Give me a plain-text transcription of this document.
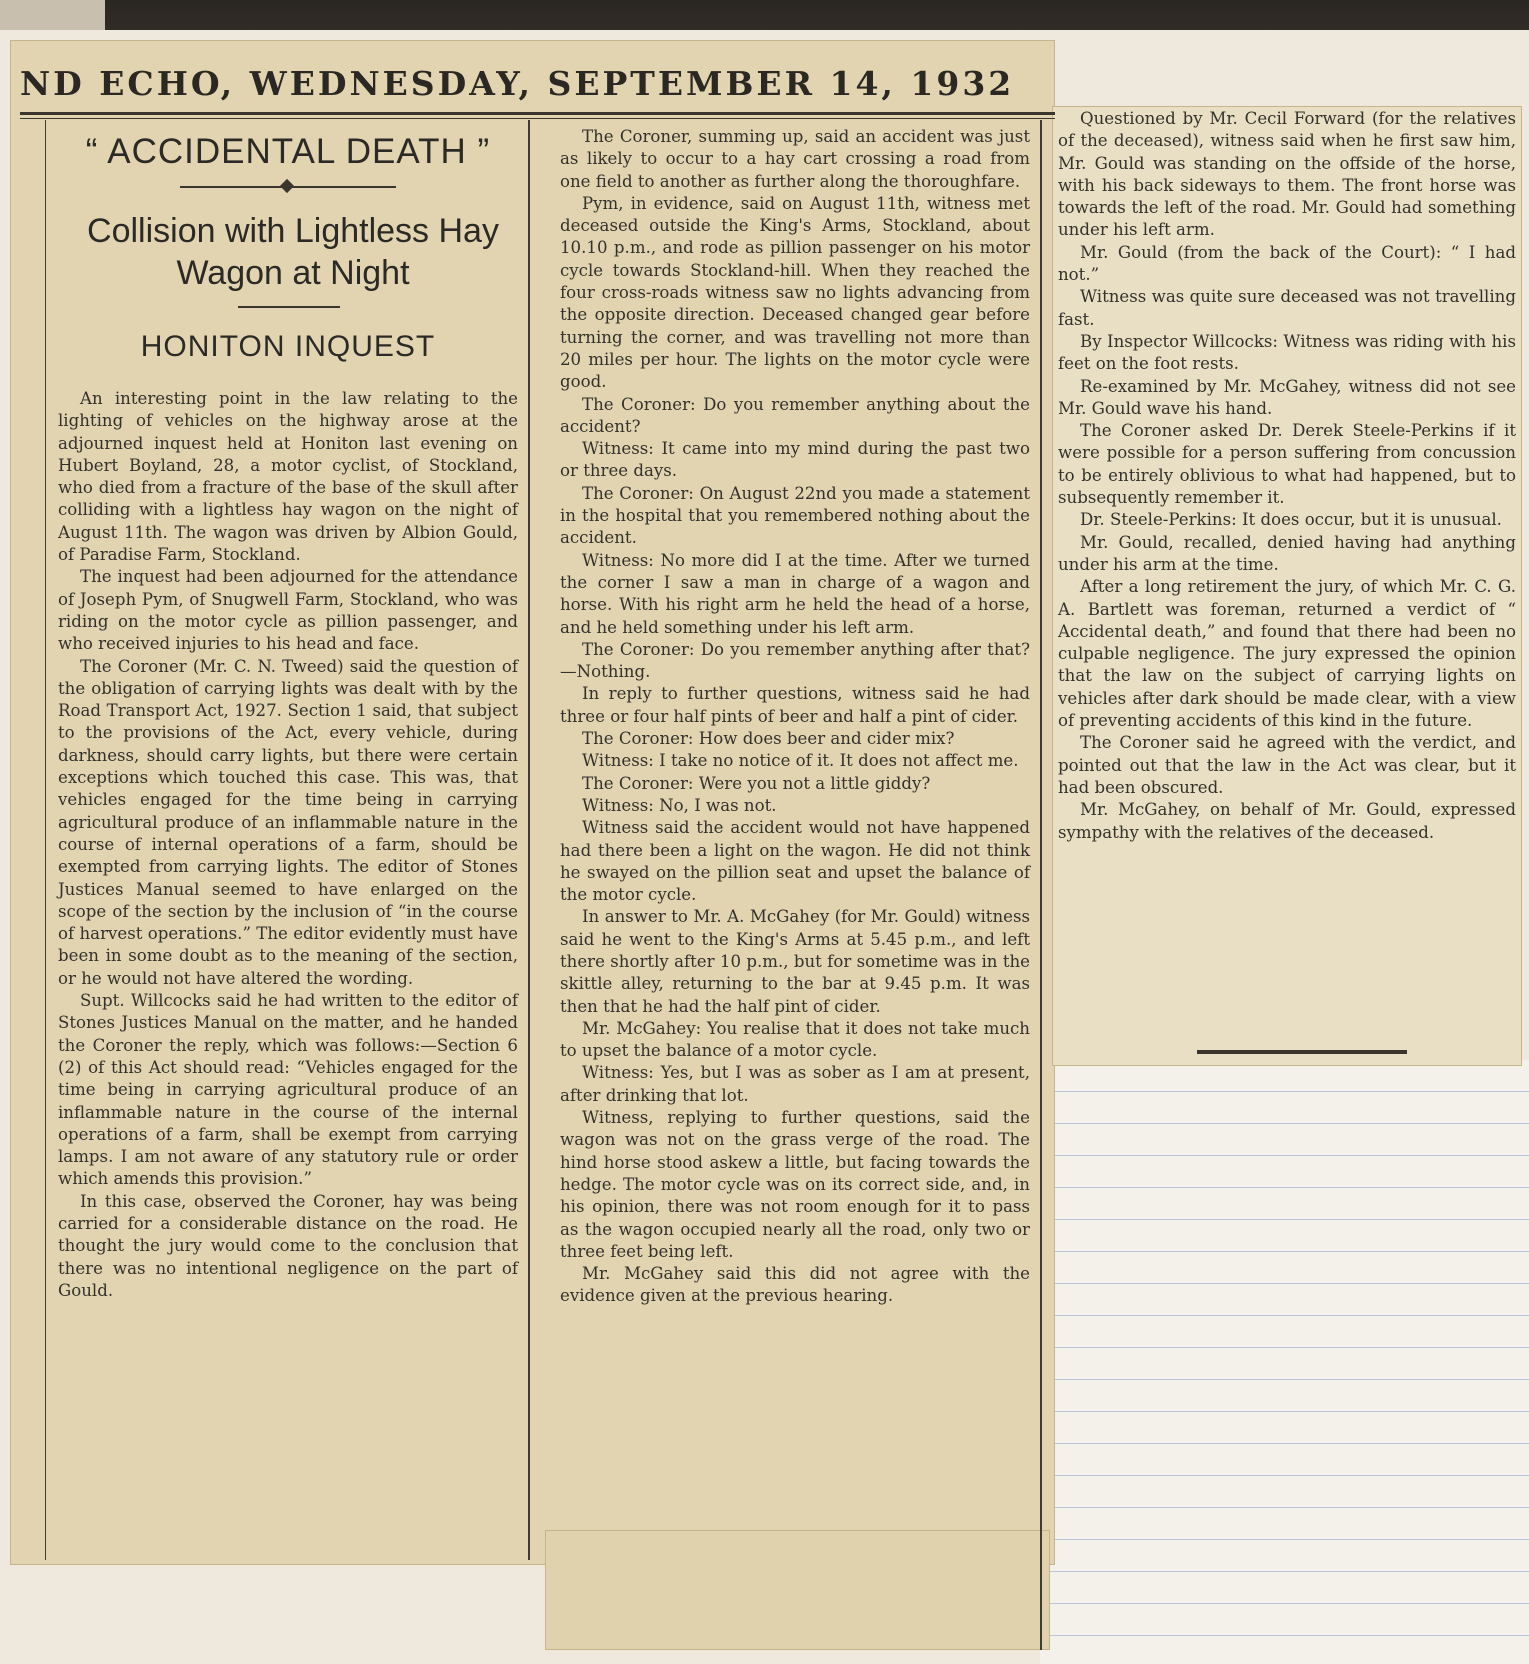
ND ECHO, WEDNESDAY, SEPTEMBER 14, 1932
“ ACCIDENTAL DEATH ”
Collision with Lightless Hay Wagon at Night
HONITON INQUEST

An interesting point in the law relating to the lighting of vehicles on the highway arose at the adjourned inquest held at Honiton last evening on Hubert Boyland, 28, a motor cyclist, of Stockland, who died from a fracture of the base of the skull after colliding with a lightless hay wagon on the night of August 11th. The wagon was driven by Albion Gould, of Paradise Farm, Stockland.

The inquest had been adjourned for the attendance of Joseph Pym, of Snugwell Farm, Stockland, who was riding on the motor cycle as pillion passenger, and who received injuries to his head and face.

The Coroner (Mr. C. N. Tweed) said the question of the obligation of carrying lights was dealt with by the Road Transport Act, 1927. Section 1 said, that subject to the provisions of the Act, every vehicle, during darkness, should carry lights, but there were certain exceptions which touched this case. This was, that vehicles engaged for the time being in carrying agricultural produce of an inflammable nature in the course of internal operations of a farm, should be exempted from carrying lights. The editor of Stones Justices Manual seemed to have enlarged on the scope of the section by the inclusion of “in the course of harvest operations.” The editor evidently must have been in some doubt as to the meaning of the section, or he would not have altered the wording.

Supt. Willcocks said he had written to the editor of Stones Justices Manual on the matter, and he handed the Coroner the reply, which was follows:—Section 6 (2) of this Act should read: “Vehicles engaged for the time being in carrying agricultural produce of an inflammable nature in the course of the internal operations of a farm, shall be exempt from carrying lamps. I am not aware of any statutory rule or order which amends this provision.”

In this case, observed the Coroner, hay was being carried for a considerable distance on the road. He thought the jury would come to the conclusion that there was no intentional negligence on the part of Gould.

The Coroner, summing up, said an accident was just as likely to occur to a hay cart crossing a road from one field to another as further along the thoroughfare.

Pym, in evidence, said on August 11th, witness met deceased outside the King's Arms, Stockland, about 10.10 p.m., and rode as pillion passenger on his motor cycle towards Stockland-hill. When they reached the four cross-roads witness saw no lights advancing from the opposite direction. Deceased changed gear before turning the corner, and was travelling not more than 20 miles per hour. The lights on the motor cycle were good.

The Coroner: Do you remember anything about the accident?

Witness: It came into my mind during the past two or three days.

The Coroner: On August 22nd you made a statement in the hospital that you remembered nothing about the accident.

Witness: No more did I at the time. After we turned the corner I saw a man in charge of a wagon and horse. With his right arm he held the head of a horse, and he held something under his left arm.

The Coroner: Do you remember anything after that?—Nothing.

In reply to further questions, witness said he had three or four half pints of beer and half a pint of cider.

The Coroner: How does beer and cider mix?

Witness: I take no notice of it. It does not affect me.

The Coroner: Were you not a little giddy?

Witness: No, I was not.

Witness said the accident would not have happened had there been a light on the wagon. He did not think he swayed on the pillion seat and upset the balance of the motor cycle.

In answer to Mr. A. McGahey (for Mr. Gould) witness said he went to the King's Arms at 5.45 p.m., and left there shortly after 10 p.m., but for sometime was in the skittle alley, returning to the bar at 9.45 p.m. It was then that he had the half pint of cider.

Mr. McGahey: You realise that it does not take much to upset the balance of a motor cycle.

Witness: Yes, but I was as sober as I am at present, after drinking that lot.

Witness, replying to further questions, said the wagon was not on the grass verge of the road. The hind horse stood askew a little, but facing towards the hedge. The motor cycle was on its correct side, and, in his opinion, there was not room enough for it to pass as the wagon occupied nearly all the road, only two or three feet being left.

Mr. McGahey said this did not agree with the evidence given at the previous hearing.

Questioned by Mr. Cecil Forward (for the relatives of the deceased), witness said when he first saw him, Mr. Gould was standing on the offside of the horse, with his back sideways to them. The front horse was towards the left of the road. Mr. Gould had something under his left arm.

Mr. Gould (from the back of the Court): “ I had not.”

Witness was quite sure deceased was not travelling fast.

By Inspector Willcocks: Witness was riding with his feet on the foot rests.

Re-examined by Mr. McGahey, witness did not see Mr. Gould wave his hand.

The Coroner asked Dr. Derek Steele-Perkins if it were possible for a person suffering from concussion to be entirely oblivious to what had happened, but to subsequently remember it.

Dr. Steele-Perkins: It does occur, but it is unusual.

Mr. Gould, recalled, denied having had anything under his arm at the time.

After a long retirement the jury, of which Mr. C. G. A. Bartlett was foreman, returned a verdict of “ Accidental death,” and found that there had been no culpable negligence. The jury expressed the opinion that the law on the subject of carrying lights on vehicles after dark should be made clear, with a view of preventing accidents of this kind in the future.

The Coroner said he agreed with the verdict, and pointed out that the law in the Act was clear, but it had been obscured.

Mr. McGahey, on behalf of Mr. Gould, expressed sympathy with the relatives of the deceased.
